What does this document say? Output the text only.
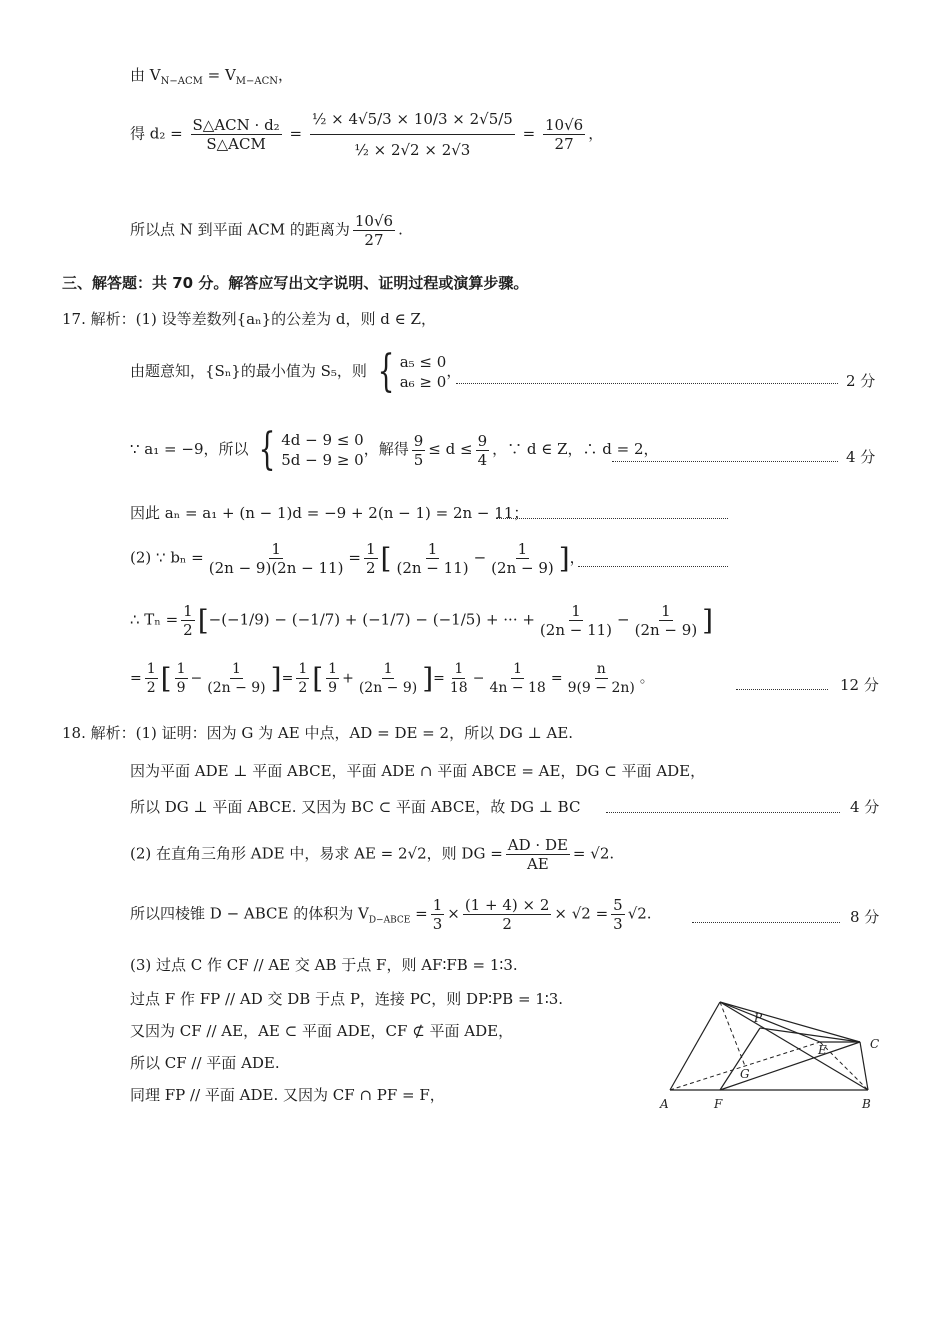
由 $V_{N-ACM} = V_{M-ACN}$，
得 $d_2 = \frac{\text{S△ACN · d₂}}{\text{S△ACM}} = \frac{\text{½ × 4√5/3 × 10/3 × 2√5/5}}{\text{½ × 2√2 × 2√3}} = \frac{10√6}{27}$ ，
所以点 N 到平面 ACM 的距离为 $\frac{10√6}{27}$ .
三、解答题：共 70 分。解答应写出文字说明、证明过程或演算步骤。
17. 解析：(1) 设等差数列{aₙ}的公差为 d，则 d ∈ Z，
由题意知，{Sₙ}的最小值为 S₅，则 { a₅ ≤ 0
a₆ ≥ 0
，
2 分
∵ a₁ = −9，所以 { 4d − 9 ≤ 0
5d − 9 ≥ 0
，解得 $\frac{9}{5} \le d \le \frac{9}{4}$ ，∵ d ∈ Z，∴ d = 2，	4 分
因此 aₙ = a₁ + (n − 1)d = −9 + 2(n − 1) = 2n − 11；
(2) ∵ $b_n = \frac{1}{(2n - 9)(2n - 11)} = \frac{1}{2}$ [ $\frac{1}{(2n - 11)} - \frac{1}{(2n - 9)}$ ]，
∴ $T_n = \frac{1}{2} [-(-1/9) - (-1/7) + (-1/7) - (-1/5)$ + ··· + $\frac{1}{(2n - 11)} - \frac{1}{(2n - 9)}$ ]
= $\frac{1}{2}$ [ $\frac{1}{9} - \frac{1}{(2n - 9)}$ ]= $\frac{1}{2}$ [ $\frac{1}{9} + \frac{1}{(2n - 9)}$ ]= $\frac{1}{18} - \frac{1}{4n - 18} = \frac{n}{9(9 - 2n)}$ 。	12 分
18. 解析：(1) 证明：因为 G 为 AE 中点，AD = DE = 2，所以 DG ⊥ AE.
因为平面 ADE ⊥ 平面 ABCE，平面 ADE ∩ 平面 ABCE = AE，DG ⊂ 平面 ADE，
所以 DG ⊥ 平面 ABCE. 又因为 BC ⊂ 平面 ABCE，故 DG ⊥ BC	4 分
(2) 在直角三角形 ADE 中，易求 AE = 2√2，则 DG = $\frac{AD \cdot DE}{AE} = √2$.
所以四棱锥 D − ABCE 的体积为 $V_{D-ABCE} = \frac{1}{3} \times \frac{(1 + 4) \times 2}{2} \times √2 = \frac{5}{3} √2$.	8 分
(3) 过点 C 作 CF // AE 交 AB 于点 F，则 AF∶FB = 1∶3.
过点 F 作 FP // AD 交 DB 于点 P，连接 PC，则 DP∶PB = 1∶3.
又因为 CF // AE，AE ⊂ 平面 ADE，CF ⊄ 平面 ADE，
所以 CF // 平面 ADE.
同理 FP // 平面 ADE. 又因为 CF ∩ PF = F，	A	F	B
C
P
E
G
